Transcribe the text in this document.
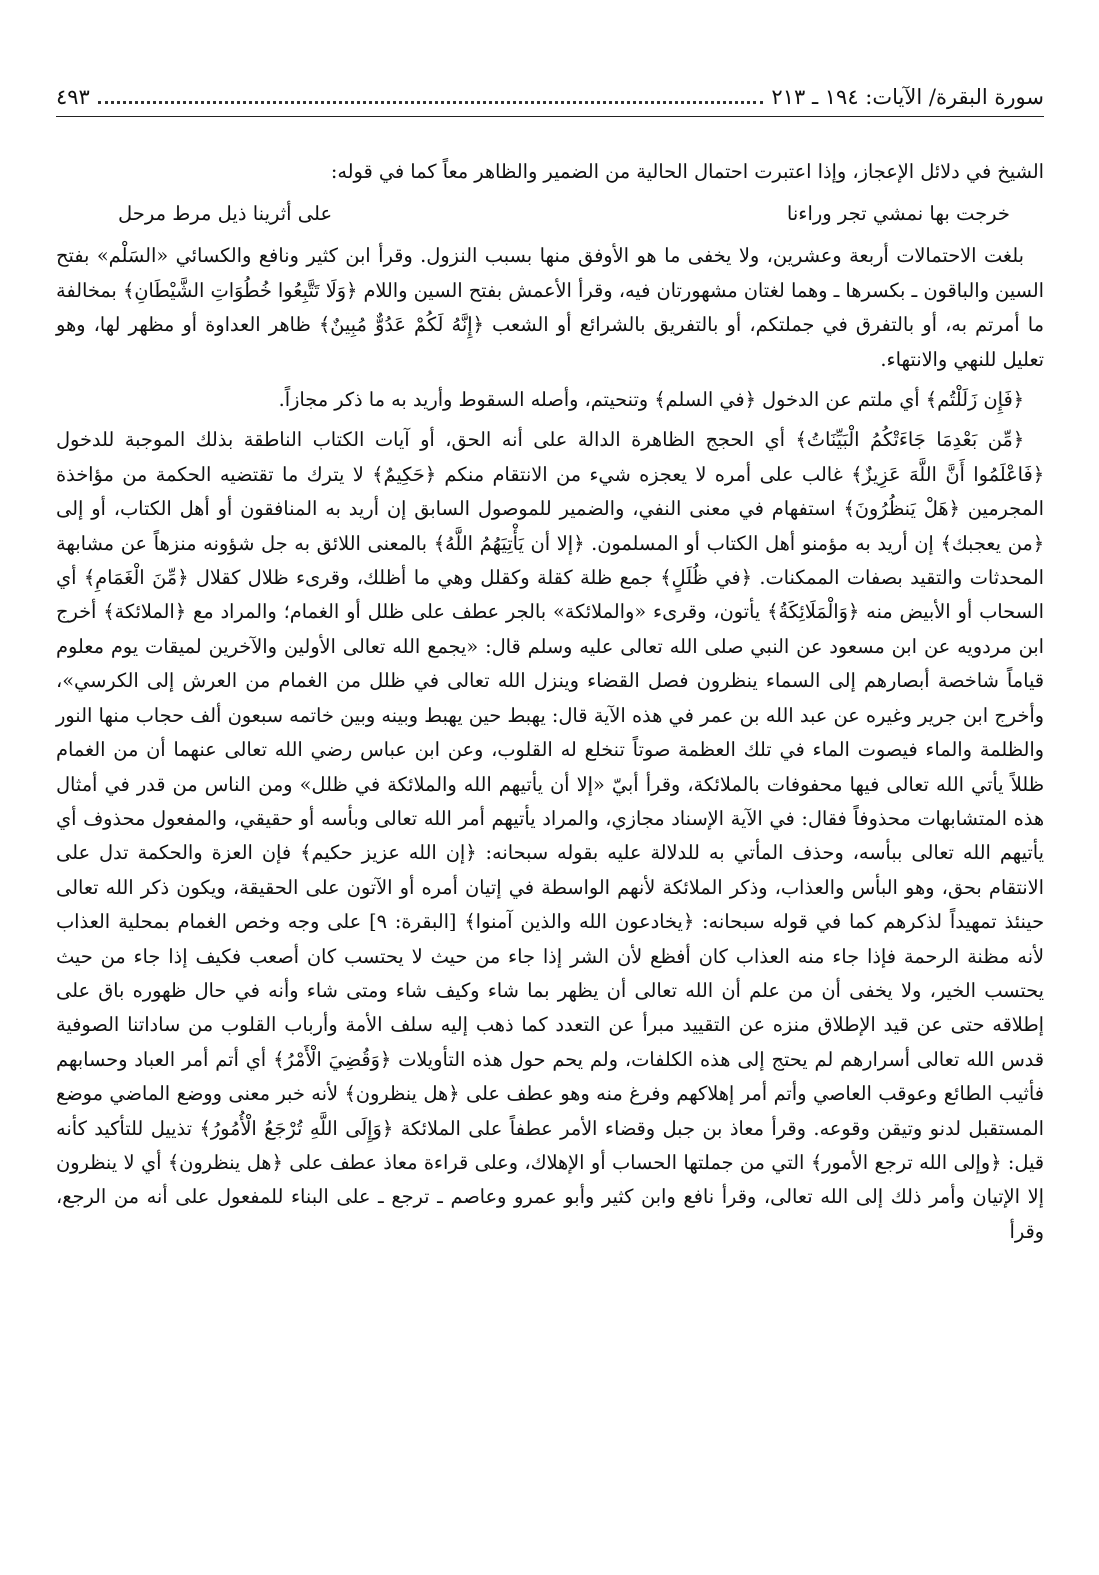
سورة البقرة/ الآيات: ١٩٤ ـ ٢١٣
٤٩٣

الشيخ في دلائل الإعجاز، وإذا اعتبرت احتمال الحالية من الضمير والظاهر معاً كما في قوله:

خرجت بها نمشي تجر وراءنا
على أثرينا ذيل مرط مرحل

بلغت الاحتمالات أربعة وعشرين، ولا يخفى ما هو الأوفق منها بسبب النزول. وقرأ ابن كثير ونافع والكسائي «السَلْم» بفتح السين والباقون ـ بكسرها ـ وهما لغتان مشهورتان فيه، وقرأ الأعمش بفتح السين واللام ﴿وَلَا تَتَّبِعُوا خُطُوَاتِ الشَّيْطَانِ﴾ بمخالفة ما أمرتم به، أو بالتفرق في جملتكم، أو بالتفريق بالشرائع أو الشعب ﴿إِنَّهُ لَكُمْ عَدُوٌّ مُبِينٌ﴾ ظاهر العداوة أو مظهر لها، وهو تعليل للنهي والانتهاء.

﴿فَإِن زَلَلْتُم﴾ أي ملتم عن الدخول ﴿في السلم﴾ وتنحيتم، وأصله السقوط وأريد به ما ذكر مجازاً.

﴿مِّن بَعْدِمَا جَاءَتْكُمُ الْبَيِّنَاتُ﴾ أي الحجج الظاهرة الدالة على أنه الحق، أو آيات الكتاب الناطقة بذلك الموجبة للدخول ﴿فَاعْلَمُوا أَنَّ اللَّهَ عَزِيزٌ﴾ غالب على أمره لا يعجزه شيء من الانتقام منكم ﴿حَكِيمٌ﴾ لا يترك ما تقتضيه الحكمة من مؤاخذة المجرمين ﴿هَلْ يَنظُرُونَ﴾ استفهام في معنى النفي، والضمير للموصول السابق إن أريد به المنافقون أو أهل الكتاب، أو إلى ﴿من يعجبك﴾ إن أريد به مؤمنو أهل الكتاب أو المسلمون. ﴿إلا أن يَأْتِيَهُمُ اللَّهُ﴾ بالمعنى اللائق به جل شؤونه منزهاً عن مشابهة المحدثات والتقيد بصفات الممكنات. ﴿في ظُلَلٍ﴾ جمع ظلة كقلة وكقلل وهي ما أظلك، وقرىء ظلال كقلال ﴿مِّنَ الْغَمَامِ﴾ أي السحاب أو الأبيض منه ﴿وَالْمَلَائِكَةُ﴾ يأتون، وقرىء «والملائكة» بالجر عطف على ظلل أو الغمام؛ والمراد مع ﴿الملائكة﴾ أخرج ابن مردويه عن ابن مسعود عن النبي صلى الله تعالى عليه وسلم قال: «يجمع الله تعالى الأولين والآخرين لميقات يوم معلوم قياماً شاخصة أبصارهم إلى السماء ينظرون فصل القضاء وينزل الله تعالى في ظلل من الغمام من العرش إلى الكرسي»، وأخرج ابن جرير وغيره عن عبد الله بن عمر في هذه الآية قال: يهبط حين يهبط وبينه وبين خاتمه سبعون ألف حجاب منها النور والظلمة والماء فيصوت الماء في تلك العظمة صوتاً تنخلع له القلوب، وعن ابن عباس رضي الله تعالى عنهما أن من الغمام ظللاً يأتي الله تعالى فيها محفوفات بالملائكة، وقرأ أبيّ «إلا أن يأتيهم الله والملائكة في ظلل» ومن الناس من قدر في أمثال هذه المتشابهات محذوفاً فقال: في الآية الإسناد مجازي، والمراد يأتيهم أمر الله تعالى وبأسه أو حقيقي، والمفعول محذوف أي يأتيهم الله تعالى ببأسه، وحذف المأتي به للدلالة عليه بقوله سبحانه: ﴿إن الله عزيز حكيم﴾ فإن العزة والحكمة تدل على الانتقام بحق، وهو البأس والعذاب، وذكر الملائكة لأنهم الواسطة في إتيان أمره أو الآتون على الحقيقة، ويكون ذكر الله تعالى حينئذ تمهيداً لذكرهم كما في قوله سبحانه: ﴿يخادعون الله والذين آمنوا﴾ [البقرة: ٩] على وجه وخص الغمام بمحلية العذاب لأنه مظنة الرحمة فإذا جاء منه العذاب كان أفظع لأن الشر إذا جاء من حيث لا يحتسب كان أصعب فكيف إذا جاء من حيث يحتسب الخير، ولا يخفى أن من علم أن الله تعالى أن يظهر بما شاء وكيف شاء ومتى شاء وأنه في حال ظهوره باق على إطلاقه حتى عن قيد الإطلاق منزه عن التقييد مبرأ عن التعدد كما ذهب إليه سلف الأمة وأرباب القلوب من ساداتنا الصوفية قدس الله تعالى أسرارهم لم يحتج إلى هذه الكلفات، ولم يحم حول هذه التأويلات ﴿وَقُضِيَ الْأَمْرُ﴾ أي أتم أمر العباد وحسابهم فأثيب الطائع وعوقب العاصي وأتم أمر إهلاكهم وفرغ منه وهو عطف على ﴿هل ينظرون﴾ لأنه خبر معنى ووضع الماضي موضع المستقبل لدنو وتيقن وقوعه. وقرأ معاذ بن جبل وقضاء الأمر عطفاً على الملائكة ﴿وَإِلَى اللَّهِ تُرْجَعُ الْأُمُورُ﴾ تذييل للتأكيد كأنه قيل: ﴿وإلى الله ترجع الأمور﴾ التي من جملتها الحساب أو الإهلاك، وعلى قراءة معاذ عطف على ﴿هل ينظرون﴾ أي لا ينظرون إلا الإتيان وأمر ذلك إلى الله تعالى، وقرأ نافع وابن كثير وأبو عمرو وعاصم ـ ترجع ـ على البناء للمفعول على أنه من الرجع، وقرأ
